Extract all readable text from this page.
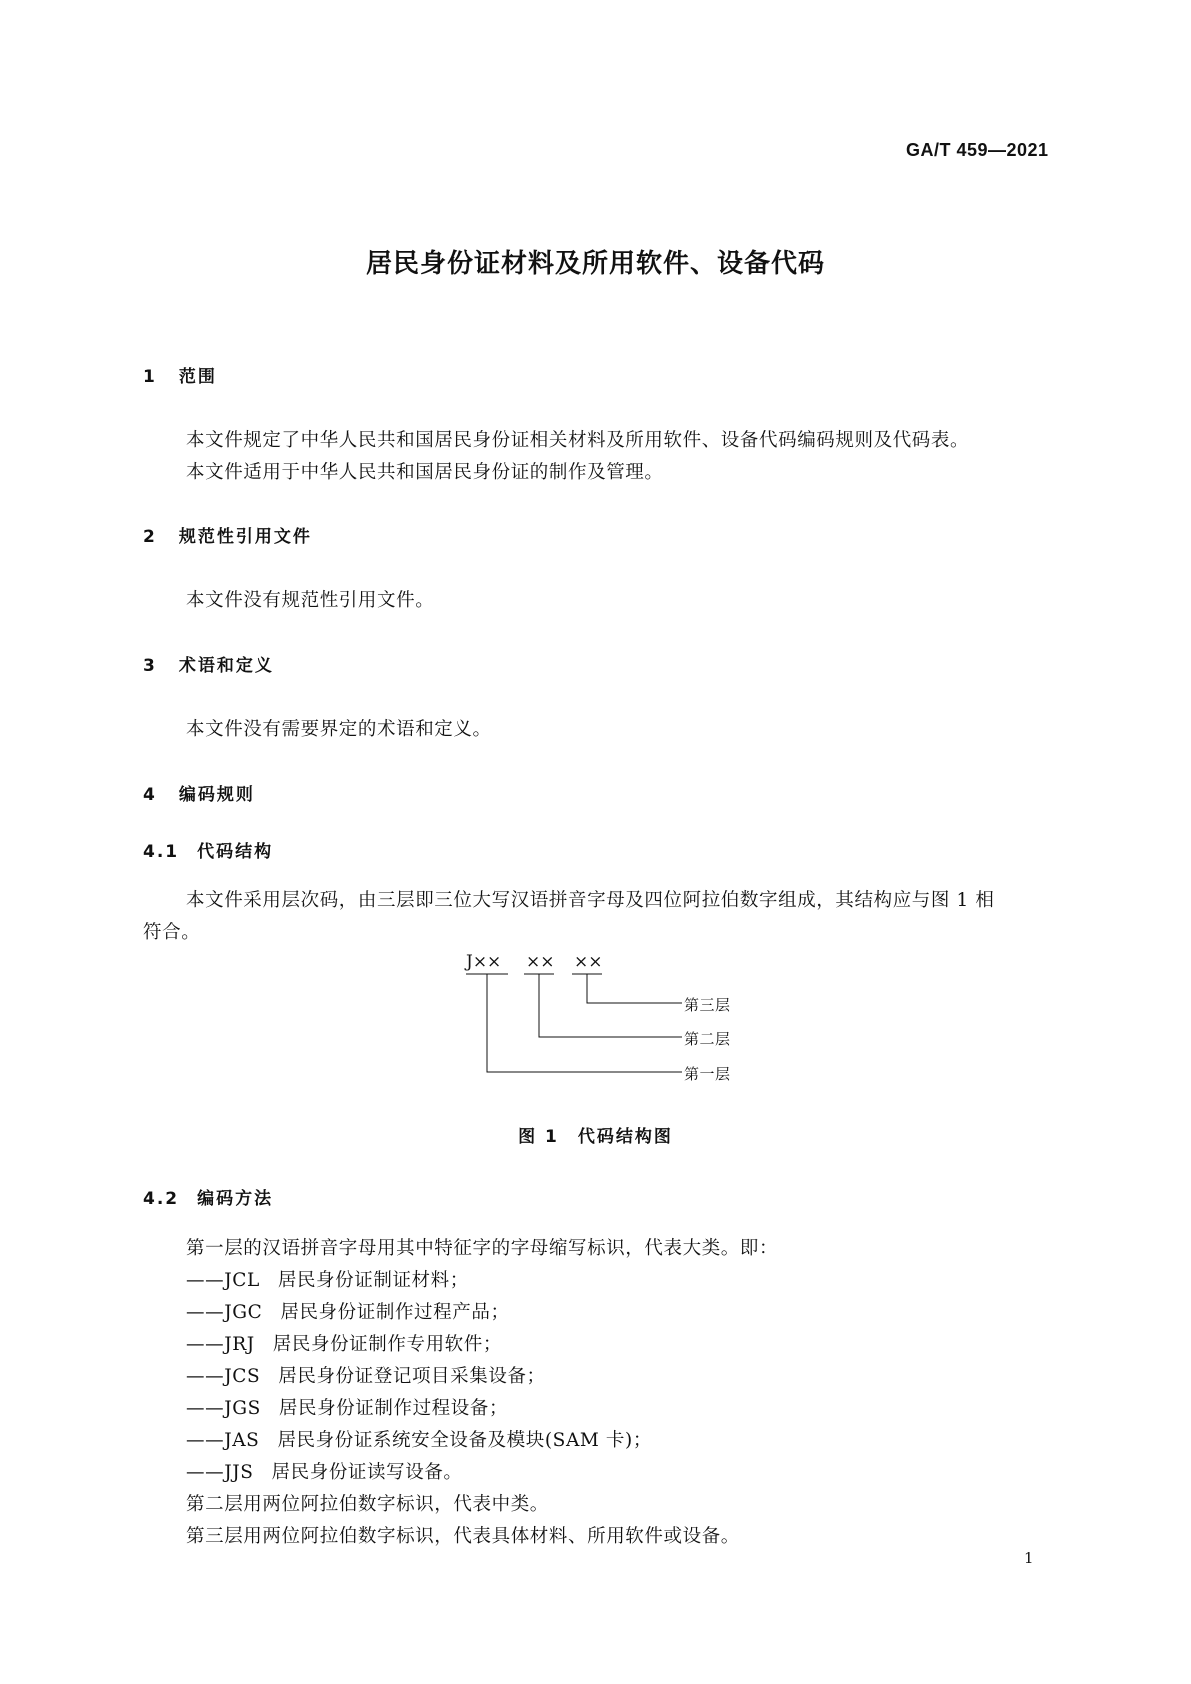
GA/T 459—2021
居民身份证材料及所用软件、设备代码
1 范围
本文件规定了中华人民共和国居民身份证相关材料及所用软件、设备代码编码规则及代码表。
本文件适用于中华人民共和国居民身份证的制作及管理。
2 规范性引用文件
本文件没有规范性引用文件。
3 术语和定义
本文件没有需要界定的术语和定义。
4 编码规则
4.1 代码结构
本文件采用层次码，由三层即三位大写汉语拼音字母及四位阿拉伯数字组成，其结构应与图 1 相
符合。
J×× ×× ××
第三层
第二层
第一层
图 1　代码结构图
4.2 编码方法
第一层的汉语拼音字母用其中特征字的字母缩写标识，代表大类。即：
——JCL 居民身份证制证材料；
——JGC 居民身份证制作过程产品；
——JRJ 居民身份证制作专用软件；
——JCS 居民身份证登记项目采集设备；
——JGS 居民身份证制作过程设备；
——JAS 居民身份证系统安全设备及模块(SAM 卡)；
——JJS 居民身份证读写设备。
第二层用两位阿拉伯数字标识，代表中类。
第三层用两位阿拉伯数字标识，代表具体材料、所用软件或设备。
1
